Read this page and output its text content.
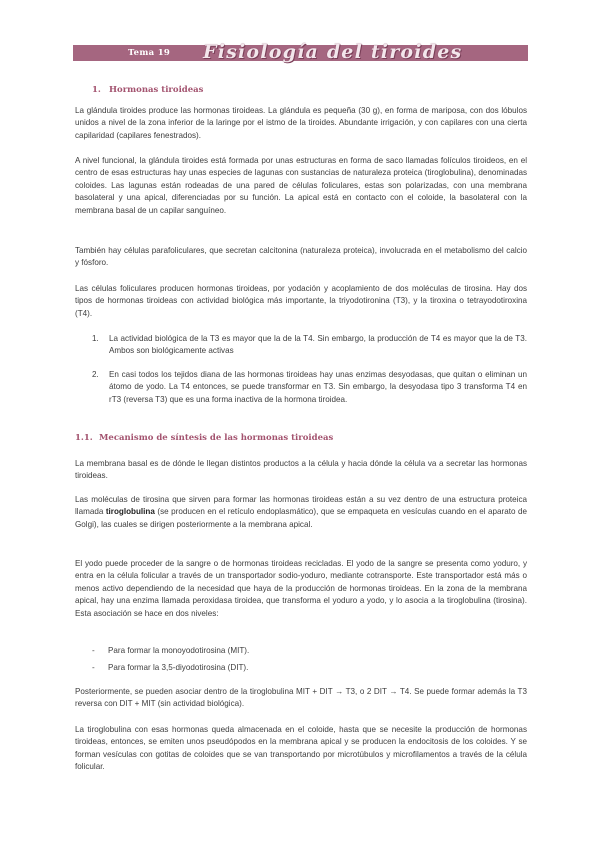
Tema 19 Fisiología del tiroides
1. Hormonas tiroideas

La glándula tiroides produce las hormonas tiroideas. La glándula es pequeña (30 g), en forma de mariposa, con dos lóbulos unidos a nivel de la zona inferior de la laringe por el istmo de la tiroides. Abundante irrigación, y con capilares con una cierta capilaridad (capilares fenestrados).

A nivel funcional, la glándula tiroides está formada por unas estructuras en forma de saco llamadas folículos tiroideos, en el centro de esas estructuras hay unas especies de lagunas con sustancias de naturaleza proteica (tiroglobulina), denominadas coloides. Las lagunas están rodeadas de una pared de células foliculares, estas son polarizadas, con una membrana basolateral y una apical, diferenciadas por su función. La apical está en contacto con el coloide, la basolateral con la membrana basal de un capilar sanguíneo.

También hay células parafoliculares, que secretan calcitonina (naturaleza proteica), involucrada en el metabolismo del calcio y fósforo.

Las células foliculares producen hormonas tiroideas, por yodación y acoplamiento de dos moléculas de tirosina. Hay dos tipos de hormonas tiroideas con actividad biológica más importante, la triyodotironina (T3), y la tiroxina o tetrayodotiroxina (T4).

1.	La actividad biológica de la T3 es mayor que la de la T4. Sin embargo, la producción de T4 es mayor que la de T3. Ambos son biológicamente activas
2.	En casi todos los tejidos diana de las hormonas tiroideas hay unas enzimas desyodasas, que quitan o eliminan un átomo de yodo. La T4 entonces, se puede transformar en T3. Sin embargo, la desyodasa tipo 3 transforma T4 en rT3 (reversa T3) que es una forma inactiva de la hormona tiroidea.
1.1. Mecanismo de síntesis de las hormonas tiroideas

La membrana basal es de dónde le llegan distintos productos a la célula y hacia dónde la célula va a secretar las hormonas tiroideas.

Las moléculas de tirosina que sirven para formar las hormonas tiroideas están a su vez dentro de una estructura proteica llamada tiroglobulina (se producen en el retículo endoplasmático), que se empaqueta en vesículas cuando en el aparato de Golgi), las cuales se dirigen posteriormente a la membrana apical.

El yodo puede proceder de la sangre o de hormonas tiroideas recicladas. El yodo de la sangre se presenta como yoduro, y entra en la célula folicular a través de un transportador sodio-yoduro, mediante cotransporte. Este transportador está más o menos activo dependiendo de la necesidad que haya de la producción de hormonas tiroideas. En la zona de la membrana apical, hay una enzima llamada peroxidasa tiroidea, que transforma el yoduro a yodo, y lo asocia a la tiroglobulina (tirosina). Esta asociación se hace en dos niveles:

- Para formar la monoyodotirosina (MIT).
- Para formar la 3,5-diyodotirosina (DIT).

Posteriormente, se pueden asociar dentro de la tiroglobulina MIT + DIT → T3, o 2 DIT → T4. Se puede formar además la T3 reversa con DIT + MIT (sin actividad biológica).

La tiroglobulina con esas hormonas queda almacenada en el coloide, hasta que se necesite la producción de hormonas tiroideas, entonces, se emiten unos pseudópodos en la membrana apical y se producen la endocitosis de los coloides. Y se forman vesículas con gotitas de coloides que se van transportando por microtúbulos y microfilamentos a través de la célula folicular.
